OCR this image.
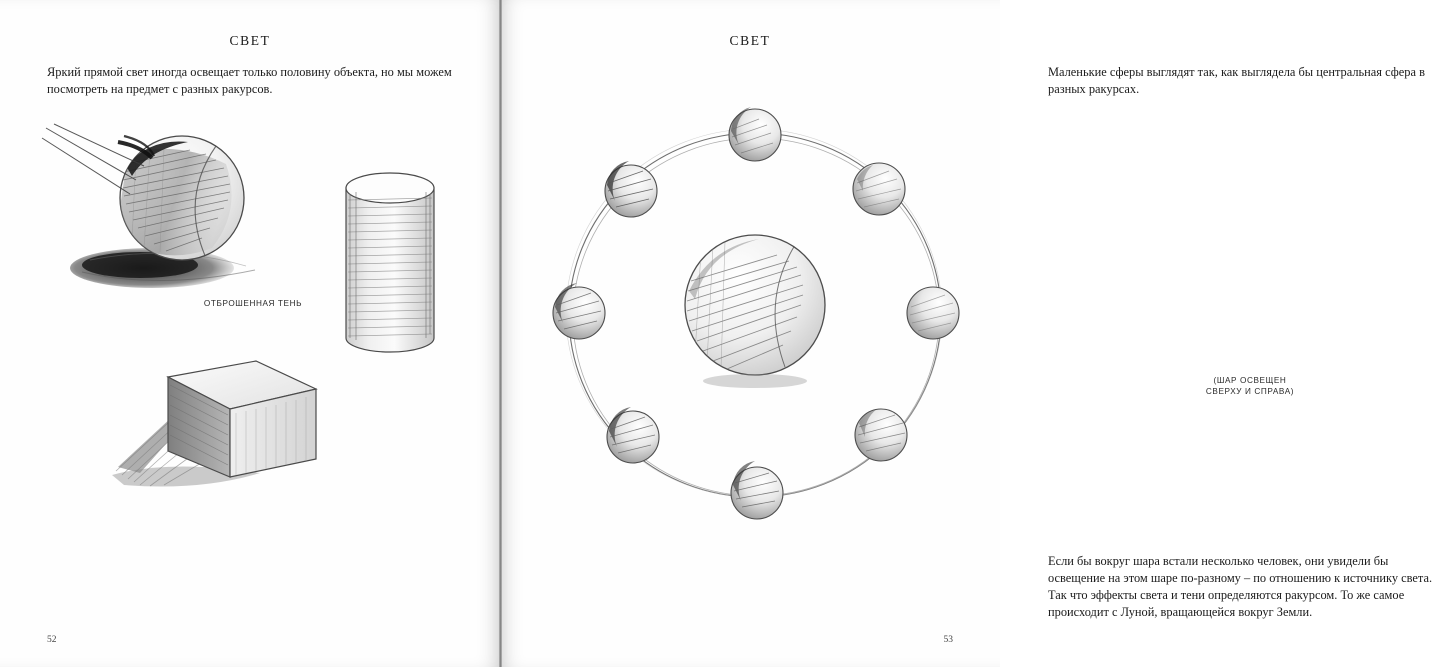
СВЕТ
Яркий прямой свет иногда освещает только половину объекта, но мы можем посмотреть на предмет с разных ракурсов.
ОТБРОШЕННАЯ ТЕНЬ
52
СВЕТ
Маленькие сферы выглядят так, как выглядела бы центральная сфера в разных ракурсах.
(ШАР ОСВЕЩЕН
СВЕРХУ И СПРАВА)
Если бы вокруг шара встали несколько человек, они увидели бы освещение на этом шаре по-разному – по отношению к источнику света. Так что эффекты света и тени определяются ракурсом. То же самое происходит с Луной, вращающейся вокруг Земли.
53
